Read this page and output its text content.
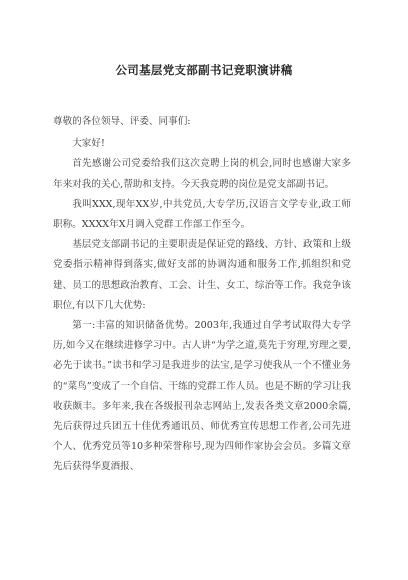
公司基层党支部副书记竞职演讲稿

尊敬的各位领导、评委、同事们:

大家好!

首先感谢公司党委给我们这次竞聘上岗的机会,同时也感谢大家多年来对我的关心,帮助和支持。今天我竞聘的岗位是党支部副书记。

我叫XXX,现年XX岁,中共党员,大专学历,汉语言文学专业,政工师职称。XXXX年X月调入党群工作部工作至今。

基层党支部副书记的主要职责是保证党的路线、方针、政策和上级党委指示精神得到落实,做好支部的协调沟通和服务工作,抓组织和党建、员工的思想政治教育、工会、计生、女工、综治等工作。我竞争该职位,有以下几大优势:

第一:丰富的知识储备优势。2003年,我通过自学考试取得大专学历,如今又在继续进修学习中。古人讲“为学之道,莫先于穷理,穷理之要,必先于读书。”读书和学习是我进步的法宝,是学习使我从一个不懂业务的“菜鸟”变成了一个自信、干练的党群工作人员。也是不断的学习让我收获颇丰。多年来,我在各级报刊杂志网站上,发表各类文章2000余篇,先后获得过兵团五十佳优秀通讯员、师优秀宣传思想工作者,公司先进个人、优秀党员等10多种荣誉称号,现为四师作家协会会员。多篇文章先后获得华夏酒报、
